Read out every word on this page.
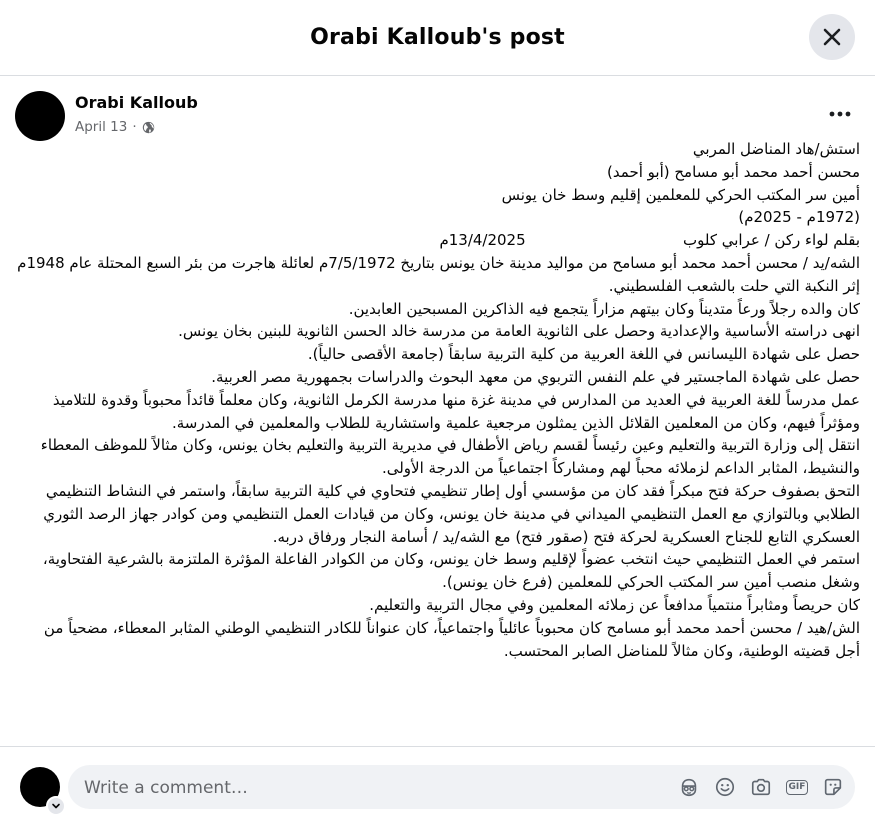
Orabi Kalloub's post
Orabi Kalloub
April 13 ·

استش/هاد المناضل المربي

محسن أحمد محمد أبو مسامح (أبو أحمد)

أمين سر المكتب الحركي للمعلمين إقليم وسط خان يونس

(1972م - 2025م)

بقلم لواء ركن / عرابي كلوب                                 13/4/2025م

الشه/يد / محسن أحمد محمد أبو مسامح من مواليد مدينة خان يونس بتاريخ 7/5/1972م لعائلة هاجرت من بئر السبع المحتلة عام 1948م إثر النكبة التي حلت بالشعب الفلسطيني.

كان والده رجلاً ورعاً متديناً وكان بيتهم مزاراً يتجمع فيه الذاكرين المسبحين العابدين.

انهى دراسته الأساسية والإعدادية وحصل على الثانوية العامة من مدرسة خالد الحسن الثانوية للبنين بخان يونس.

حصل على شهادة الليسانس في اللغة العربية من كلية التربية سابقاً (جامعة الأقصى حالياً).

حصل على شهادة الماجستير في علم النفس التربوي من معهد البحوث والدراسات بجمهورية مصر العربية.

عمل مدرساً للغة العربية في العديد من المدارس في مدينة غزة منها مدرسة الكرمل الثانوية، وكان معلماً قائداً محبوباً وقدوة للتلاميذ ومؤثراً فيهم، وكان من المعلمين القلائل الذين يمثلون مرجعية علمية واستشارية للطلاب والمعلمين في المدرسة.

انتقل إلى وزارة التربية والتعليم وعين رئيساً لقسم رياض الأطفال في مديرية التربية والتعليم بخان يونس، وكان مثالاً للموظف المعطاء والنشيط، المثابر الداعم لزملائه محباً لهم ومشاركاً اجتماعياً من الدرجة الأولى.

التحق بصفوف حركة فتح مبكراً فقد كان من مؤسسي أول إطار تنظيمي فتحاوي في كلية التربية سابقاً، واستمر في النشاط التنظيمي الطلابي وبالتوازي مع العمل التنظيمي الميداني في مدينة خان يونس، وكان من قيادات العمل التنظيمي ومن كوادر جهاز الرصد الثوري العسكري التابع للجناح العسكرية لحركة فتح (صقور فتح) مع الشه/يد / أسامة النجار ورفاق دربه.

استمر في العمل التنظيمي حيث انتخب عضواً لإقليم وسط خان يونس، وكان من الكوادر الفاعلة المؤثرة الملتزمة بالشرعية الفتحاوية، وشغل منصب أمين سر المكتب الحركي للمعلمين (فرع خان يونس).

كان حريصاً ومثابراً منتمياً مدافعاً عن زملائه المعلمين وفي مجال التربية والتعليم.

الش/هيد / محسن أحمد محمد أبو مسامح كان محبوباً عائلياً واجتماعياً، كان عنواناً للكادر التنظيمي الوطني المثابر المعطاء، مضحياً من أجل قضيته الوطنية، وكان مثالاً للمناضل الصابر المحتسب.

Write a comment…
GIF
